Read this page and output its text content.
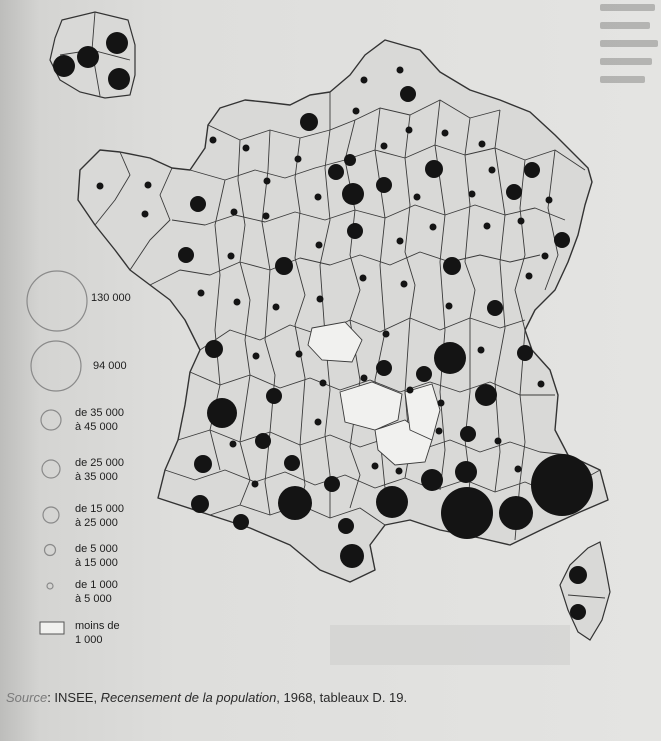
130 000
94 000
de 35 000
à 45 000
de 25 000
à 35 000
de 15 000
à 25 000
de 5 000
à 15 000
de 1 000
à 5 000
moins de
1 000
Source: INSEE, Recensement de la population, 1968, tableaux D. 19.
